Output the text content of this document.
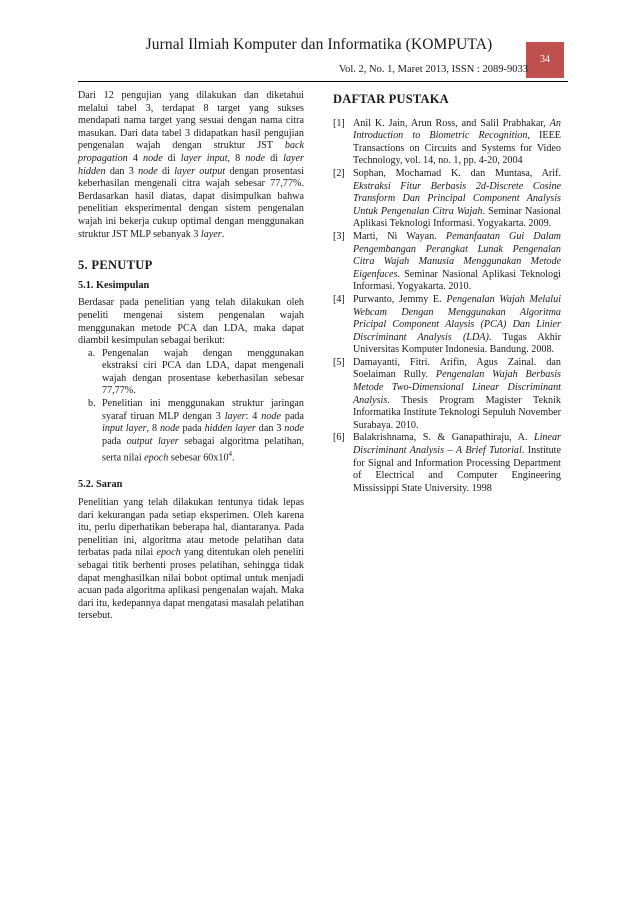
Jurnal Ilmiah Komputer dan Informatika (KOMPUTA)
34
Vol. 2, No. 1, Maret 2013, ISSN : 2089-9033

Dari 12 pengujian yang dilakukan dan diketahui melalui tabel 3, terdapat 8 target yang sukses mendapati nama target yang sesuai dengan nama citra masukan. Dari data tabel 3 didapatkan hasil pengujian pengenalan wajah dengan struktur JST back propagation 4 node di layer input, 8 node di layer hidden dan 3 node di layer output dengan prosentasi keberhasilan mengenali citra wajah sebesar 77,77%. Berdasarkan hasil diatas, dapat disimpulkan bahwa penelitian eksperimental dengan sistem pengenalan wajah ini bekerja cukup optimal dengan menggunakan struktur JST MLP sebanyak 3 layer.

5. PENUTUP
5.1. Kesimpulan

Berdasar pada penelitian yang telah dilakukan oleh peneliti mengenai sistem pengenalan wajah menggunakan metode PCA dan LDA, maka dapat diambil kesimpulan sebagai berikut:

a. Pengenalan wajah dengan menggunakan ekstraksi ciri PCA dan LDA, dapat mengenali wajah dengan prosentase keberhasilan sebesar 77,77%.
b. Penelitian ini menggunakan struktur jaringan syaraf tiruan MLP dengan 3 layer: 4 node pada input layer, 8 node pada hidden layer dan 3 node pada output layer sebagai algoritma pelatihan, serta nilai epoch sebesar $60x10^4$.
5.2. Saran

Penelitian yang telah dilakukan tentunya tidak lepas dari kekurangan pada setiap eksperimen. Oleh karena itu, perlu diperhatikan beberapa hal, diantaranya. Pada penelitian ini, algoritma atau metode pelatihan data terbatas pada nilai epoch yang ditentukan oleh peneliti sebagai titik berhenti proses pelatihan, sehingga tidak dapat menghasilkan nilai bobot optimal untuk menjadi acuan pada algoritma aplikasi pengenalan wajah. Maka dari itu, kedepannya dapat mengatasi masalah pelatihan tersebut.

DAFTAR PUSTAKA
[1] Anil K. Jain, Arun Ross, and Salil Prabhakar, An Introduction to Biometric Recognition, IEEE Transactions on Circuits and Systems for Video Technology, vol. 14, no. 1, pp. 4-20, 2004
[2] Sophan, Mochamad K. dan Muntasa, Arif. Ekstraksi Fitur Berbasis 2d-Discrete Cosine Transform Dan Principal Component Analysis Untuk Pengenalan Citra Wajah. Seminar Nasional Aplikasi Teknologi Informasi. Yogyakarta. 2009.
[3] Marti, Ni Wayan. Pemanfaatan Gui Dalam Pengembangan Perangkat Lunak Pengenalan Citra Wajah Manusia Menggunakan Metode Eigenfaces. Seminar Nasional Aplikasi Teknologi Informasi. Yogyakarta. 2010.
[4] Purwanto, Jemmy E. Pengenalan Wajah Melalui Webcam Dengan Menggunakan Algoritma Pricipal Component Alaysis (PCA) Dan Linier Discriminant Analysis (LDA). Tugas Akhir Universitas Komputer Indonesia. Bandung. 2008.
[5] Damayanti, Fitri. Arifin, Agus Zainal. dan Soelaiman Rully. Pengenalan Wajah Berbasis Metode Two-Dimensional Linear Discriminant Analysis. Thesis Program Magister Teknik Informatika Institute Teknologi Sepuluh November Surabaya. 2010.
[6] Balakrishnama, S. & Ganapathiraju, A. Linear Discriminant Analysis – A Brief Tutorial. Institute for Signal and Information Processing Department of Electrical and Computer Engineering Mississippi State University. 1998
